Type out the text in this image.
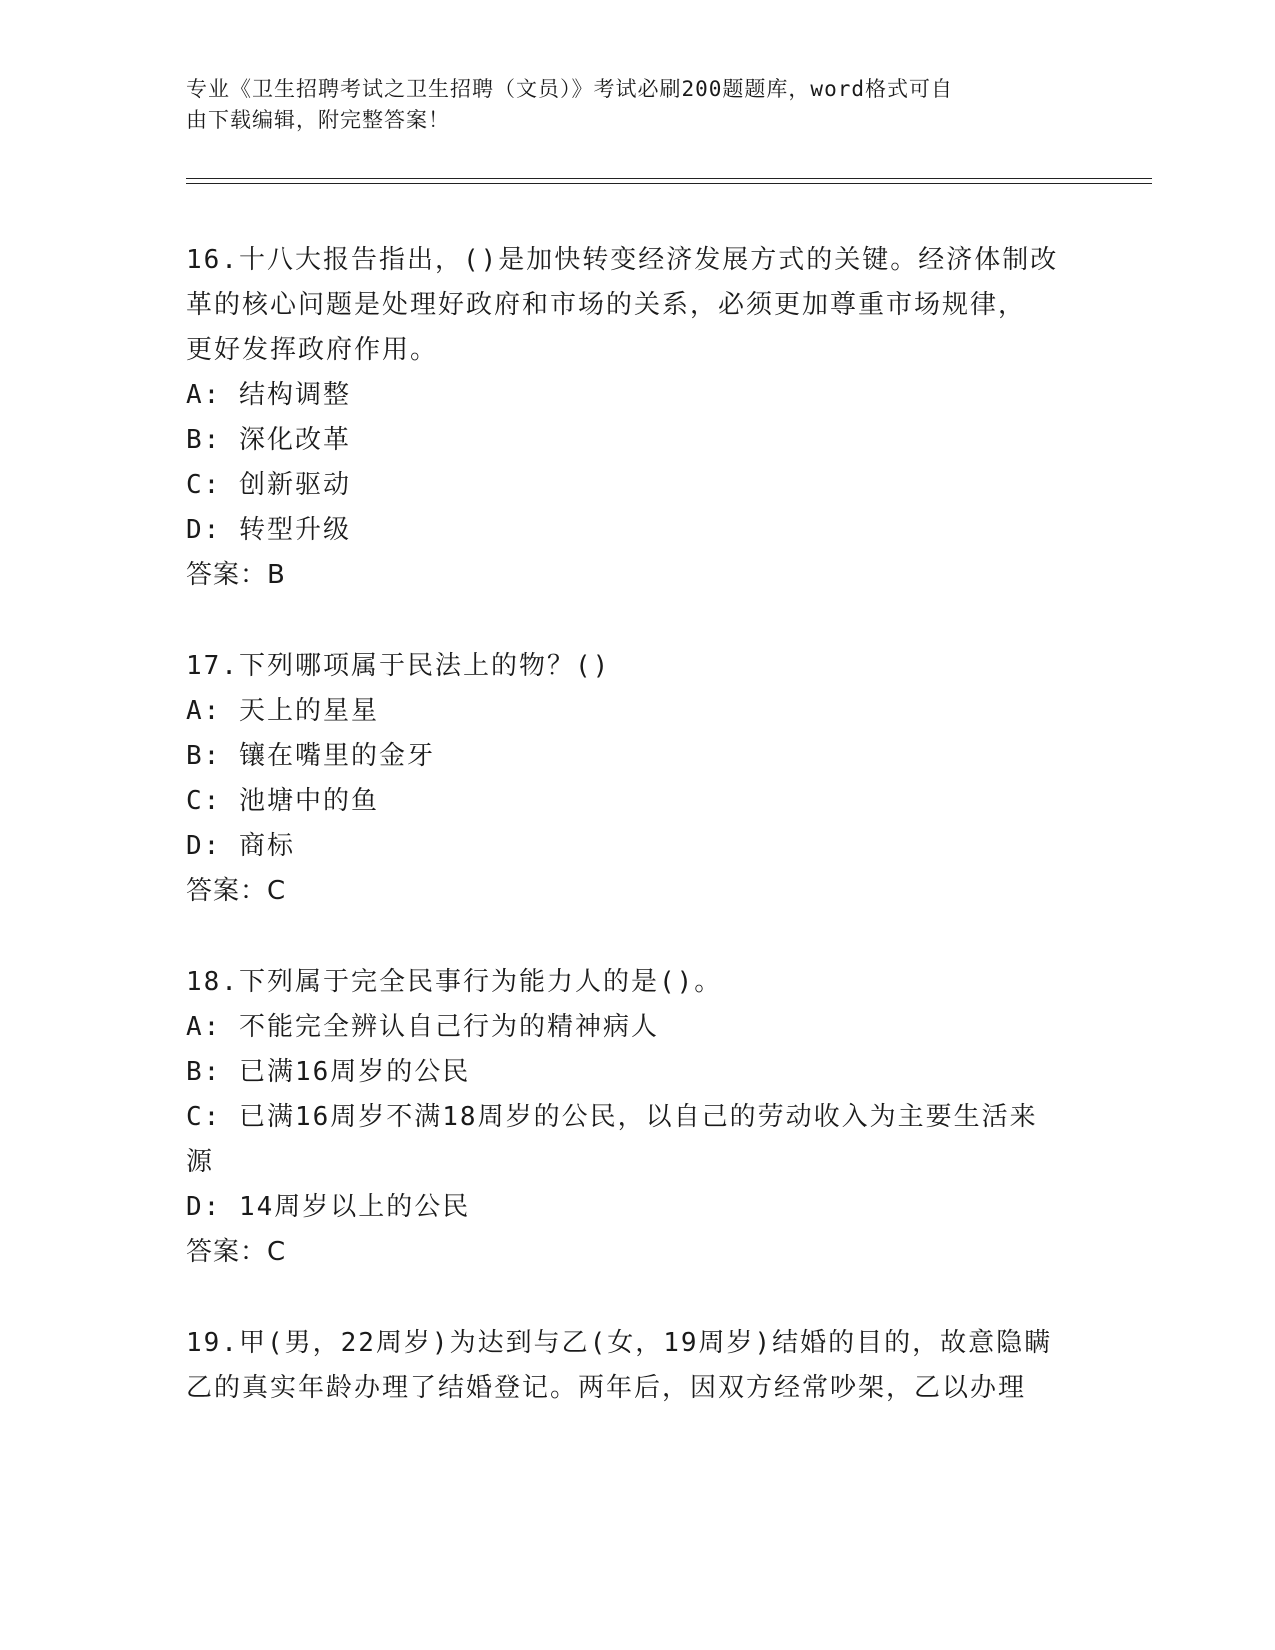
专业《卫生招聘考试之卫生招聘（文员）》考试必刷200题题库，word格式可自
由下载编辑，附完整答案！
16.十八大报告指出，()是加快转变经济发展方式的关键。经济体制改
革的核心问题是处理好政府和市场的关系，必须更加尊重市场规律，
更好发挥政府作用。
A: 结构调整
B: 深化改革
C: 创新驱动
D: 转型升级
答案：B
17.下列哪项属于民法上的物？()
A: 天上的星星
B: 镶在嘴里的金牙
C: 池塘中的鱼
D: 商标
答案：C
18.下列属于完全民事行为能力人的是()。
A: 不能完全辨认自己行为的精神病人
B: 已满16周岁的公民
C: 已满16周岁不满18周岁的公民，以自己的劳动收入为主要生活来
源
D: 14周岁以上的公民
答案：C
19.甲(男，22周岁)为达到与乙(女，19周岁)结婚的目的，故意隐瞒
乙的真实年龄办理了结婚登记。两年后，因双方经常吵架，乙以办理
